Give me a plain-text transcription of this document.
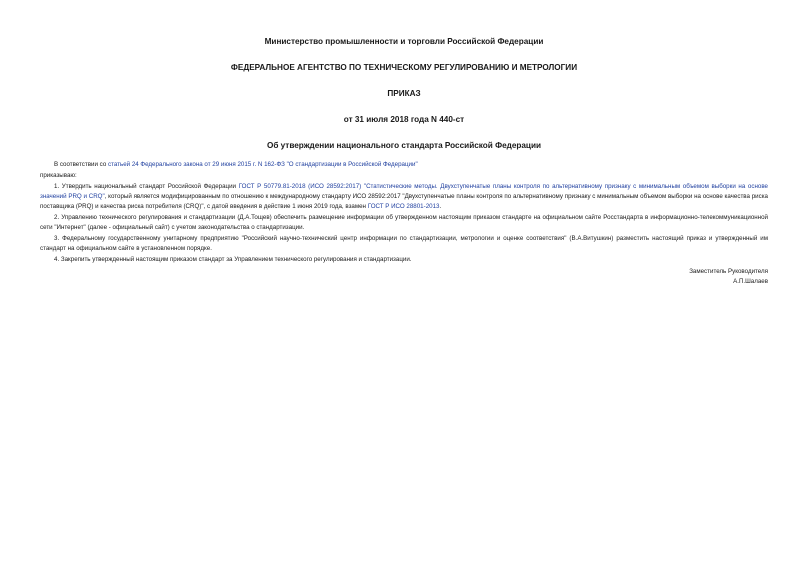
Министерство промышленности и торговли Российской Федерации
ФЕДЕРАЛЬНОЕ АГЕНТСТВО ПО ТЕХНИЧЕСКОМУ РЕГУЛИРОВАНИЮ И МЕТРОЛОГИИ
ПРИКАЗ
от 31 июля 2018 года N 440-ст
Об утверждении национального стандарта Российской Федерации

В соответствии со статьей 24 Федерального закона от 29 июня 2015 г. N 162-ФЗ "О стандартизации в Российской Федерации"

приказываю:

1. Утвердить национальный стандарт Российской Федерации ГОСТ Р 50779.81-2018 (ИСО 28592:2017) "Статистические методы. Двухступенчатые планы контроля по альтернативному признаку с минимальным объемом выборки на основе значений PRQ и CRQ", который является модифицированным по отношению к международному стандарту ИСО 28592:2017 "Двухступенчатые планы контроля по альтернативному признаку с минимальным объемом выборки на основе качества риска поставщика (PRQ) и качества риска потребителя (CRQ)", с датой введения в действие 1 июня 2019 года, взамен ГОСТ Р ИСО 28801-2013.

2. Управлению технического регулирования и стандартизации (Д.А.Тощев) обеспечить размещение информации об утвержденном настоящим приказом стандарте на официальном сайте Росстандарта в информационно-телекоммуникационной сети "Интернет" (далее - официальный сайт) с учетом законодательства о стандартизации.

3. Федеральному государственному унитарному предприятию "Российский научно-технический центр информации по стандартизации, метрологии и оценке соответствия" (В.А.Витушкин) разместить настоящий приказ и утвержденный им стандарт на официальном сайте в установленном порядке.

4. Закрепить утвержденный настоящим приказом стандарт за Управлением технического регулирования и стандартизации.

Заместитель Руководителя
А.П.Шалаев
